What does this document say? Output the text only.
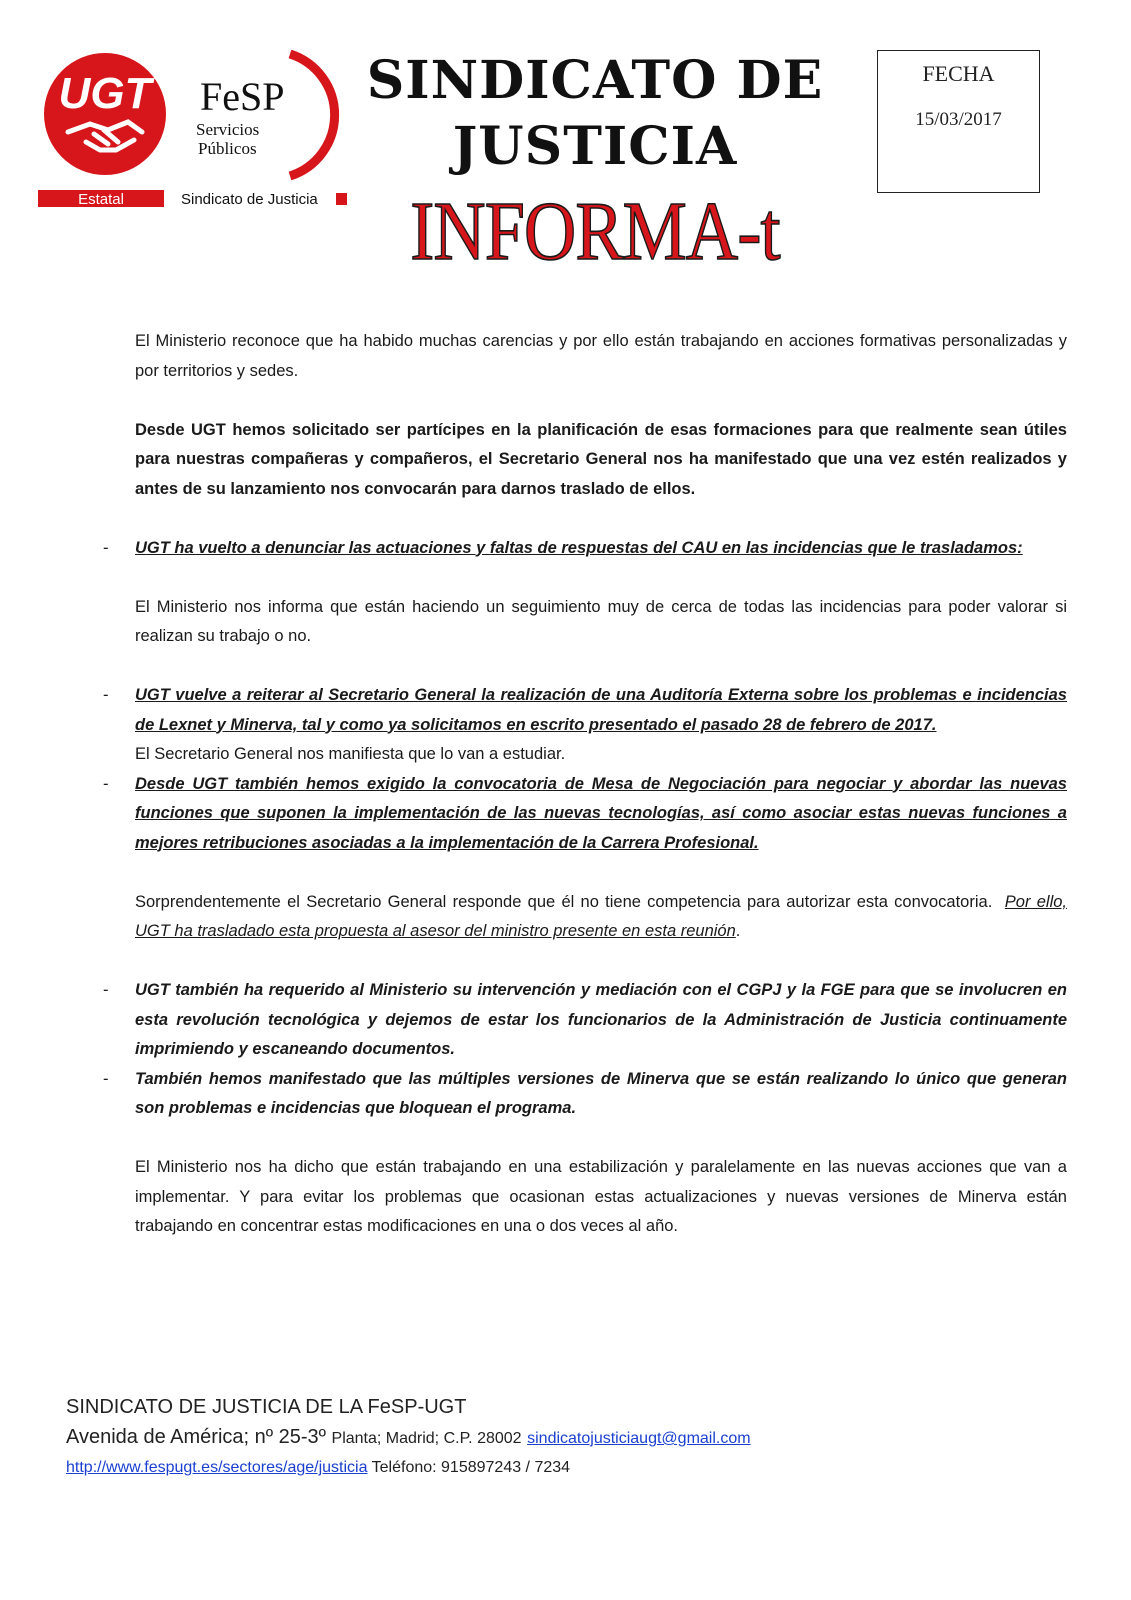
UGT FeSP
Servicios
Públicos
Estatal	Sindicato de Justicia
SINDICATO DE
JUSTICIA
INFORMA-t
FECHA
15/03/2017

El Ministerio reconoce que ha habido muchas carencias y por ello están trabajando en acciones formativas personalizadas y por territorios y sedes.

Desde UGT hemos solicitado ser partícipes en la planificación de esas formaciones para que realmente sean útiles para nuestras compañeras y compañeros, el Secretario General nos ha manifestado que una vez estén realizados y antes de su lanzamiento nos convocarán para darnos traslado de ellos.

- UGT ha vuelto a denunciar las actuaciones y faltas de respuestas del CAU en las incidencias que le trasladamos:

El Ministerio nos informa que están haciendo un seguimiento muy de cerca de todas las incidencias para poder valorar si realizan su trabajo o no.

- UGT vuelve a reiterar al Secretario General la realización de una Auditoría Externa sobre los problemas e incidencias de Lexnet y Minerva, tal y como ya solicitamos en escrito presentado el pasado 28 de febrero de 2017.

El Secretario General nos manifiesta que lo van a estudiar.

- Desde UGT también hemos exigido la convocatoria de Mesa de Negociación para negociar y abordar las nuevas funciones que suponen la implementación de las nuevas tecnologías, así como asociar estas nuevas funciones a mejores retribuciones asociadas a la implementación de la Carrera Profesional.

Sorprendentemente el Secretario General responde que él no tiene competencia para autorizar esta convocatoria. Por ello, UGT ha trasladado esta propuesta al asesor del ministro presente en esta reunión.

- UGT también ha requerido al Ministerio su intervención y mediación con el CGPJ y la FGE para que se involucren en esta revolución tecnológica y dejemos de estar los funcionarios de la Administración de Justicia continuamente imprimiendo y escaneando documentos.

- También hemos manifestado que las múltiples versiones de Minerva que se están realizando lo único que generan son problemas e incidencias que bloquean el programa.

El Ministerio nos ha dicho que están trabajando en una estabilización y paralelamente en las nuevas acciones que van a implementar. Y para evitar los problemas que ocasionan estas actualizaciones y nuevas versiones de Minerva están trabajando en concentrar estas modificaciones en una o dos veces al año.

SINDICATO DE JUSTICIA DE LA FeSP-UGT
Avenida de América; nº 25-3º Planta; Madrid; C.P. 28002 sindicatojusticiaugt@gmail.com
http://www.fespugt.es/sectores/age/justicia Teléfono: 915897243 / 7234
